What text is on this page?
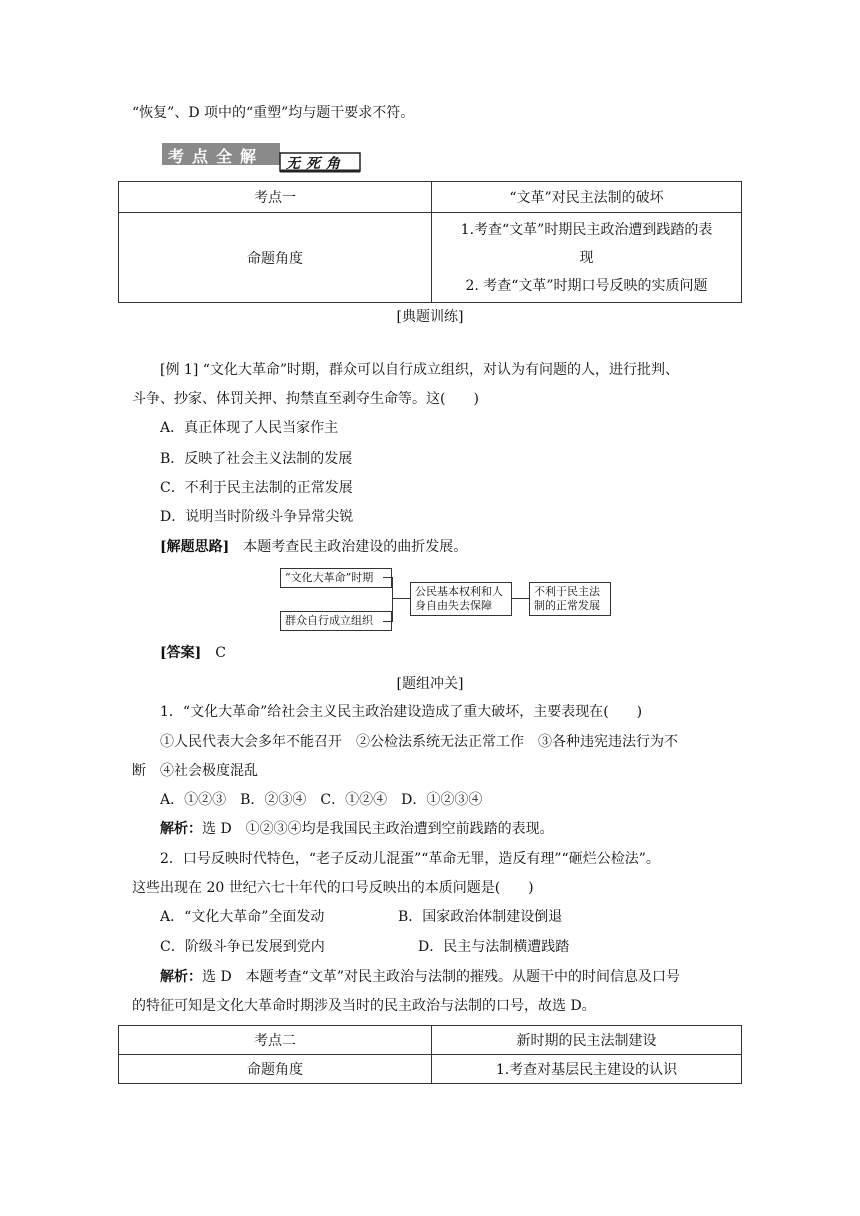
“恢复”、D 项中的“重塑”均与题干要求不符。
考点全解 无死角
考点一	“文革”对民主法制的破坏
命题角度	1.考查“文革”时期民主政治遭到践踏的表
现
2. 考查“文革”时期口号反映的实质问题
[典题训练]
[例 1] “文化大革命”时期，群众可以自行成立组织，对认为有问题的人，进行批判、
斗争、抄家、体罚关押、拘禁直至剥夺生命等。这(　　)
A．真正体现了人民当家作主
B．反映了社会主义法制的发展
C．不利于民主法制的正常发展
D．说明当时阶级斗争异常尖锐
[解题思路]　 本题考查民主政治建设的曲折发展。
“文化大革命”时期
群众自行成立组织
公民基本权利和人
身自由失去保障
不利于民主法
制的正常发展
[答案]　 C
[题组冲关]
1．“文化大革命”给社会主义民主政治建设造成了重大破坏，主要表现在(　　)
①人民代表大会多年不能召开　②公检法系统无法正常工作　③各种违宪违法行为不
断　④社会极度混乱
A．①②③　B．②③④　C．①②④　D．①②③④
解析：选 D　①②③④均是我国民主政治遭到空前践踏的表现。
2．口号反映时代特色，“老子反动儿混蛋”“革命无罪，造反有理”“砸烂公检法”。
这些出现在 20 世纪六七十年代的口号反映出的本质问题是(　　)
A．“文化大革命”全面发动	B．国家政治体制建设倒退
C．阶级斗争已发展到党内	D．民主与法制横遭践踏
解析：选 D　本题考查“文革”对民主政治与法制的摧残。从题干中的时间信息及口号
的特征可知是文化大革命时期涉及当时的民主政治与法制的口号，故选 D。
考点二	新时期的民主法制建设
命题角度	1.考查对基层民主建设的认识
